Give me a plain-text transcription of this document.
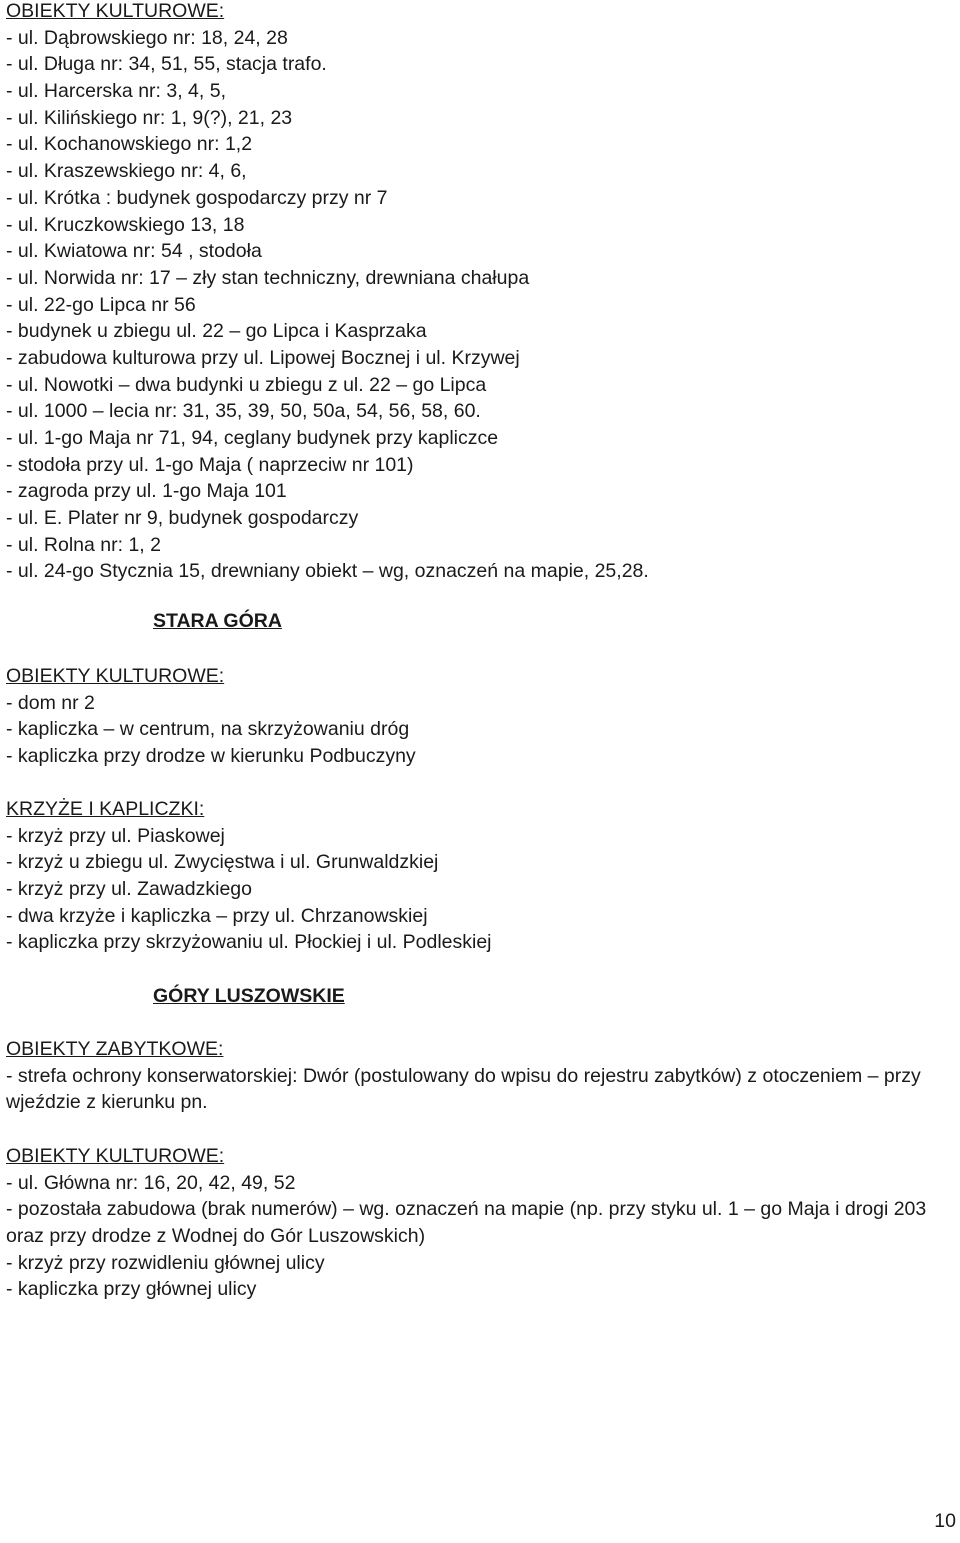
OBIEKTY KULTUROWE:
- ul. Dąbrowskiego nr: 18, 24, 28
- ul. Długa nr: 34, 51, 55, stacja trafo.
- ul. Harcerska nr: 3, 4, 5,
- ul. Kilińskiego nr: 1, 9(?), 21, 23
- ul. Kochanowskiego nr: 1,2
- ul. Kraszewskiego nr: 4, 6,
- ul. Krótka : budynek gospodarczy przy nr 7
- ul. Kruczkowskiego 13, 18
- ul. Kwiatowa nr: 54 , stodoła
- ul. Norwida nr: 17 – zły stan techniczny, drewniana chałupa
- ul. 22-go Lipca nr 56
- budynek u zbiegu ul. 22 – go Lipca i Kasprzaka
- zabudowa kulturowa przy ul. Lipowej Bocznej i ul. Krzywej
- ul. Nowotki – dwa budynki u zbiegu z ul. 22 – go Lipca
- ul. 1000 – lecia nr: 31, 35, 39, 50, 50a, 54, 56, 58, 60.
- ul. 1-go Maja nr 71, 94, ceglany budynek przy kapliczce
- stodoła przy ul. 1-go Maja ( naprzeciw nr 101)
- zagroda przy ul. 1-go Maja 101
- ul. E. Plater nr 9, budynek gospodarczy
- ul. Rolna nr: 1, 2
- ul. 24-go Stycznia 15, drewniany obiekt – wg, oznaczeń na mapie, 25,28.
STARA GÓRA
OBIEKTY KULTUROWE:
- dom nr 2
- kapliczka – w centrum, na skrzyżowaniu dróg
- kapliczka przy drodze w kierunku Podbuczyny
KRZYŻE I KAPLICZKI:
- krzyż przy ul. Piaskowej
- krzyż u zbiegu ul. Zwycięstwa i ul. Grunwaldzkiej
- krzyż przy ul. Zawadzkiego
- dwa krzyże i kapliczka – przy ul. Chrzanowskiej
- kapliczka przy skrzyżowaniu ul. Płockiej i ul. Podleskiej
GÓRY LUSZOWSKIE
OBIEKTY ZABYTKOWE:
- strefa ochrony konserwatorskiej: Dwór (postulowany do wpisu do rejestru zabytków) z otoczeniem – przy wjeździe z kierunku pn.
OBIEKTY KULTUROWE:
- ul. Główna nr: 16, 20, 42, 49, 52
- pozostała zabudowa (brak numerów) – wg. oznaczeń na mapie (np. przy styku ul. 1 – go Maja i drogi 203 oraz przy drodze z Wodnej do Gór Luszowskich)
- krzyż przy rozwidleniu głównej ulicy
- kapliczka przy głównej ulicy
10
